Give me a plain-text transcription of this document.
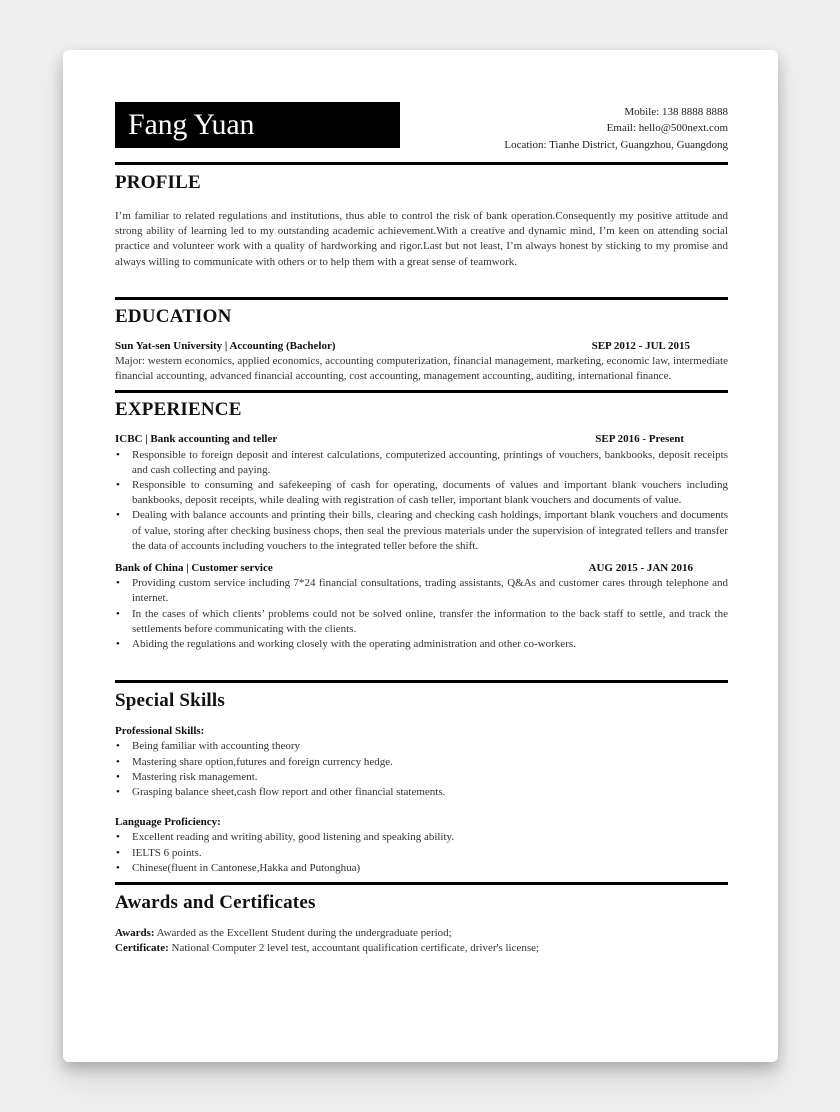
Fang Yuan	Mobile: 138 8888 8888
Email: hello@500next.com
Location: Tianhe District, Guangzhou, Guangdong
PROFILE
I’m familiar to related regulations and institutions, thus able to control the risk of bank operation.Consequently my positive attitude and strong ability of learning led to my outstanding academic achievement.With a creative and dynamic mind, I’m keen on attending social practice and volunteer work with a quality of hardworking and rigor.Last but not least, I’m always honest by sticking to my promise and always willing to communicate with others or to help them with a great sense of teamwork.
EDUCATION
Sun Yat-sen University | Accounting (Bachelor)	SEP 2012 - JUL 2015
Major: western economics, applied economics, accounting computerization, financial management, marketing, economic law, intermediate financial accounting, advanced financial accounting, cost accounting, management accounting, auditing, international finance.
EXPERIENCE
ICBC | Bank accounting and teller	SEP 2016 - Present
• Responsible to foreign deposit and interest calculations, computerized accounting, printings of vouchers, bankbooks, deposit receipts and cash collecting and paying.
• Responsible to consuming and safekeeping of cash for operating, documents of values and important blank vouchers including bankbooks, deposit receipts, while dealing with registration of cash teller, important blank vouchers and documents of value.
• Dealing with balance accounts and printing their bills, clearing and checking cash holdings, important blank vouchers and documents of value, storing after checking business chops, then seal the previous materials under the supervision of integrated tellers and transfer the data of accounts including vouchers to the integrated teller before the shift.
Bank of China | Customer service	AUG 2015 - JAN 2016
• Providing custom service including 7*24 financial consultations, trading assistants, Q&As and customer cares through telephone and internet.
• In the cases of which clients’ problems could not be solved online, transfer the information to the back staff to settle, and track the settlements before communicating with the clients.
• Abiding the regulations and working closely with the operating administration and other co-workers.
Special Skills
Professional Skills:
• Being familiar with accounting theory
• Mastering share option,futures and foreign currency hedge.
• Mastering risk management.
• Grasping balance sheet,cash flow report and other financial statements.
Language Proficiency:
• Excellent reading and writing ability, good listening and speaking ability.
• IELTS 6 points.
• Chinese(fluent in Cantonese,Hakka and Putonghua)
Awards and Certificates
Awards: Awarded as the Excellent Student during the undergraduate period;
Certificate: National Computer 2 level test, accountant qualification certificate, driver's license;
